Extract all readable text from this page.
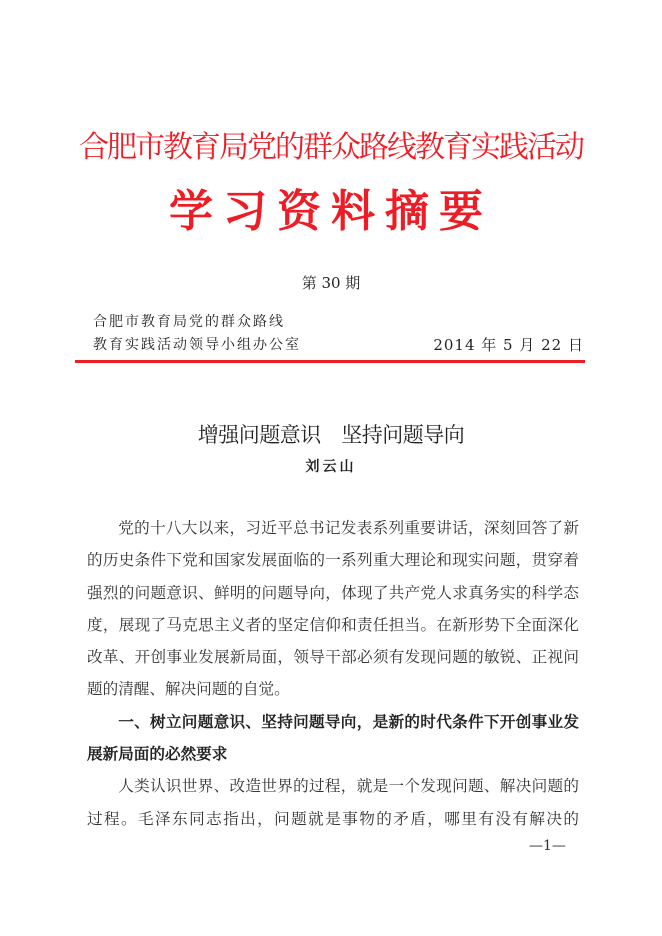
合肥市教育局党的群众路线教育实践活动
学习资料摘要
第 30 期
合肥市教育局党的群众路线
教育实践活动领导小组办公室	2014 年 5 月 22 日
增强问题意识　坚持问题导向
刘云山

党的十八大以来，习近平总书记发表系列重要讲话，深刻回答了新的历史条件下党和国家发展面临的一系列重大理论和现实问题，贯穿着强烈的问题意识、鲜明的问题导向，体现了共产党人求真务实的科学态度，展现了马克思主义者的坚定信仰和责任担当。在新形势下全面深化改革、开创事业发展新局面，领导干部必须有发现问题的敏锐、正视问题的清醒、解决问题的自觉。

一、树立问题意识、坚持问题导向，是新的时代条件下开创事业发展新局面的必然要求

人类认识世界、改造世界的过程，就是一个发现问题、解决问题的过程。毛泽东同志指出，问题就是事物的矛盾，哪里有没有解决的

—1—
